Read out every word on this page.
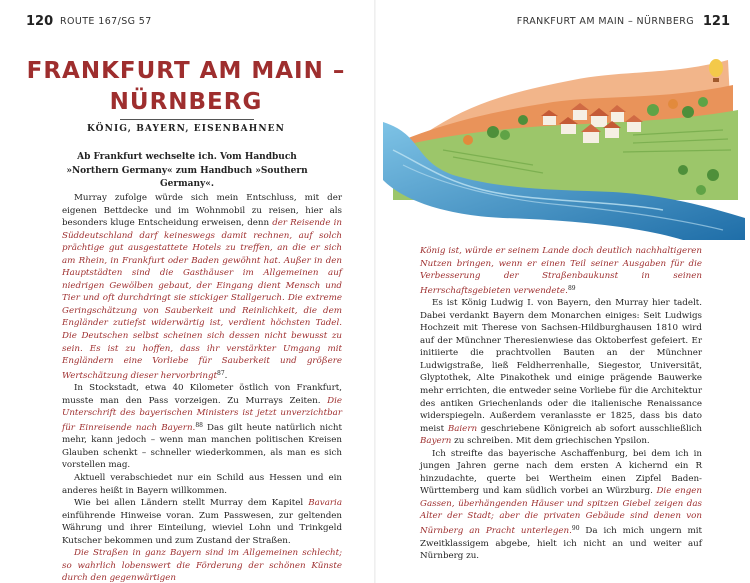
120 ROUTE 167/SG 57
FRANKFURT AM MAIN –
NÜRNBERG
KÖNIG, BAYERN, EISENBAHNEN

Ab Frankfurt wechselte ich. Vom Handbuch »Northern Germany« zum Handbuch »Southern Germany«.

Murray zufolge würde sich mein Entschluss, mit der eigenen Bettdecke und im Wohnmobil zu reisen, hier als besonders kluge Entscheidung erweisen, denn der Reisende in Süddeutschland darf keineswegs damit rechnen, auf solch prächtige gut ausgestattete Hotels zu treffen, an die er sich am Rhein, in Frankfurt oder Baden gewöhnt hat. Außer in den Hauptstädten sind die Gasthäuser im Allgemeinen auf niedrigen Gewölben gebaut, der Eingang dient Mensch und Tier und oft durchdringt sie stickiger Stallgeruch. Die extreme Geringschätzung von Sauberkeit und Reinlichkeit, die dem Engländer zutiefst widerwärtig ist, verdient höchsten Tadel. Die Deutschen selbst scheinen sich dessen nicht bewusst zu sein. Es ist zu hoffen, dass ihr verstärkter Umgang mit Engländern eine Vorliebe für Sauberkeit und größere Wertschätzung dieser hervorbringt$^{87}$.

In Stockstadt, etwa 40 Kilometer östlich von Frankfurt, musste man den Pass vorzeigen. Zu Murrays Zeiten. Die Unterschrift des bayerischen Ministers ist jetzt unverzichtbar für Einreisende nach Bayern.$^{88}$ Das gilt heute natürlich nicht mehr, kann jedoch – wenn man manchen politischen Kreisen Glauben schenkt – schneller wiederkommen, als man es sich vorstellen mag.

Aktuell verabschiedet nur ein Schild aus Hessen und ein anderes heißt in Bayern willkommen.

Wie bei allen Ländern stellt Murray dem Kapitel Bavaria einführende Hinweise voran. Zum Passwesen, zur geltenden Währung und ihrer Einteilung, wieviel Lohn und Trinkgeld Kutscher bekommen und zum Zustand der Straßen.

Die Straßen in ganz Bayern sind im Allgemeinen schlecht; so wahrlich lobenswert die Förderung der schönen Künste durch den gegenwärtigen

FRANKFURT AM MAIN – NÜRNBERG 121

König ist, würde er seinem Lande doch deutlich nachhaltigeren Nutzen bringen, wenn er einen Teil seiner Ausgaben für die Verbesserung der Straßenbaukunst in seinen Herrschaftsgebieten verwendete.$^{89}$

Es ist König Ludwig I. von Bayern, den Murray hier tadelt. Dabei verdankt Bayern dem Monarchen einiges: Seit Ludwigs Hochzeit mit Therese von Sachsen-Hildburghausen 1810 wird auf der Münchner Theresienwiese das Oktoberfest gefeiert. Er initiierte die prachtvollen Bauten an der Münchner Ludwigstraße, ließ Feldherrenhalle, Siegestor, Universität, Glyptothek, Alte Pinakothek und einige prägende Bauwerke mehr errichten, die entweder seine Vorliebe für die Architektur des antiken Griechenlands oder die italienische Renaissance widerspiegeln. Außerdem veranlasste er 1825, dass bis dato meist Baiern geschriebene Königreich ab sofort ausschließlich Bayern zu schreiben. Mit dem griechischen Ypsilon.

Ich streifte das bayerische Aschaffenburg, bei dem ich in jungen Jahren gerne nach dem ersten A kichernd ein R hinzudachte, querte bei Wertheim einen Zipfel Baden-Württemberg und kam südlich vorbei an Würzburg. Die engen Gassen, überhängenden Häuser und spitzen Giebel zeigen das Alter der Stadt; aber die privaten Gebäude sind denen von Nürnberg an Pracht unterlegen.$^{90}$ Da ich mich ungern mit Zweitklassigem abgebe, hielt ich nicht an und weiter auf Nürnberg zu.
